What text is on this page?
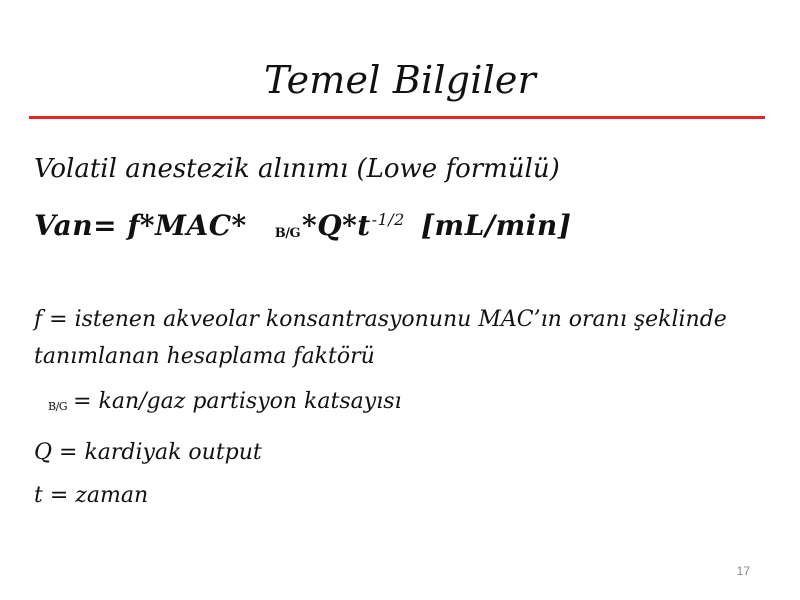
Temel Bilgiler
Volatil anestezik alınımı (Lowe formülü)
Van= f*MAC* $B/G*Q*t^{-1/2}$ [mL/min]
f = istenen akveolar konsantrasyonunu MAC’ın oranı şeklinde
tanımlanan hesaplama faktörü
B/G = kan/gaz partisyon katsayısı
Q = kardiyak output
t = zaman
17
